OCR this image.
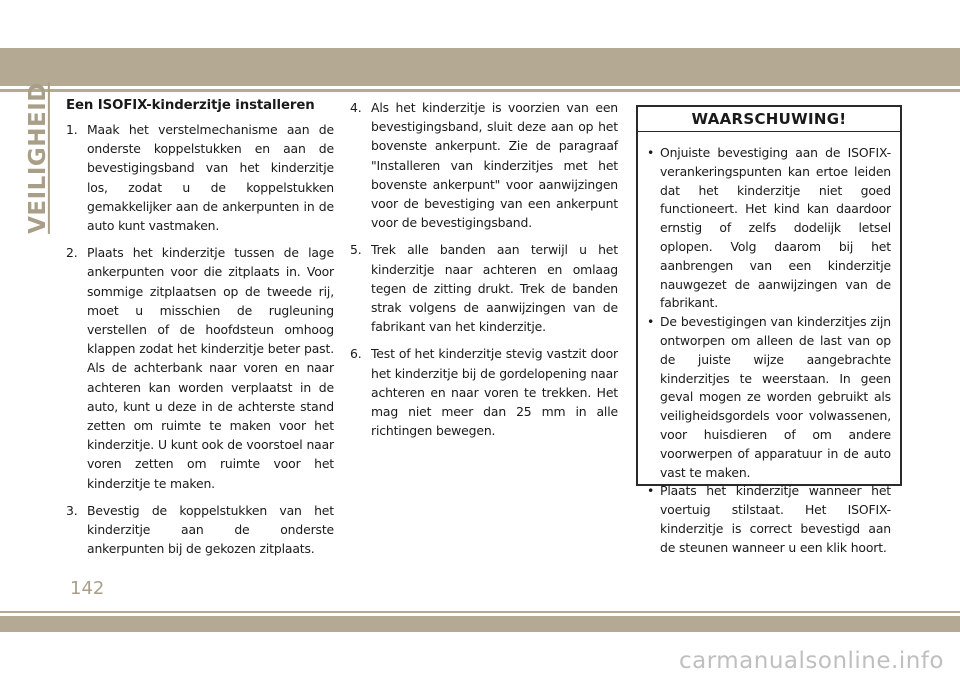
VEILIGHEID Een ISOFIX-kinderzitje installeren
1. Maak het verstelmechanisme aan de onderste koppelstukken en aan de bevestigingsband van het kinderzitje los, zodat u de koppelstukken gemakkelijker aan de ankerpunten in de auto kunt vastmaken.
2. Plaats het kinderzitje tussen de lage ankerpunten voor die zitplaats in. Voor sommige zitplaatsen op de tweede rij, moet u misschien de rugleuning verstellen of de hoofdsteun omhoog klappen zodat het kinderzitje beter past. Als de achterbank naar voren en naar achteren kan worden verplaatst in de auto, kunt u deze in de achterste stand zetten om ruimte te maken voor het kinderzitje. U kunt ook de voorstoel naar voren zetten om ruimte voor het kinderzitje te maken.
3. Bevestig de koppelstukken van het kinderzitje aan de onderste ankerpunten bij de gekozen zitplaats.
4. Als het kinderzitje is voorzien van een bevestigingsband, sluit deze aan op het bovenste ankerpunt. Zie de paragraaf "Installeren van kinderzitjes met het bovenste ankerpunt" voor aanwijzingen voor de bevestiging van een ankerpunt voor de bevestigingsband.
5. Trek alle banden aan terwijl u het kinderzitje naar achteren en omlaag tegen de zitting drukt. Trek de banden strak volgens de aanwijzingen van de fabrikant van het kinderzitje.
6. Test of het kinderzitje stevig vastzit door het kinderzitje bij de gordelopening naar achteren en naar voren te trekken. Het mag niet meer dan 25 mm in alle richtingen bewegen.
WAARSCHUWING!
• Onjuiste bevestiging aan de ISOFIX-verankeringspunten kan ertoe leiden dat het kinderzitje niet goed functioneert. Het kind kan daardoor ernstig of zelfs dodelijk letsel oplopen. Volg daarom bij het aanbrengen van een kinderzitje nauwgezet de aanwijzingen van de fabrikant.
• De bevestigingen van kinderzitjes zijn ontworpen om alleen de last van op de juiste wijze aangebrachte kinderzitjes te weerstaan. In geen geval mogen ze worden gebruikt als veiligheidsgordels voor volwassenen, voor huisdieren of om andere voorwerpen of apparatuur in de auto vast te maken.
• Plaats het kinderzitje wanneer het voertuig stilstaat. Het ISOFIX-kinderzitje is correct bevestigd aan de steunen wanneer u een klik hoort.
142
carmanualsonline.info
